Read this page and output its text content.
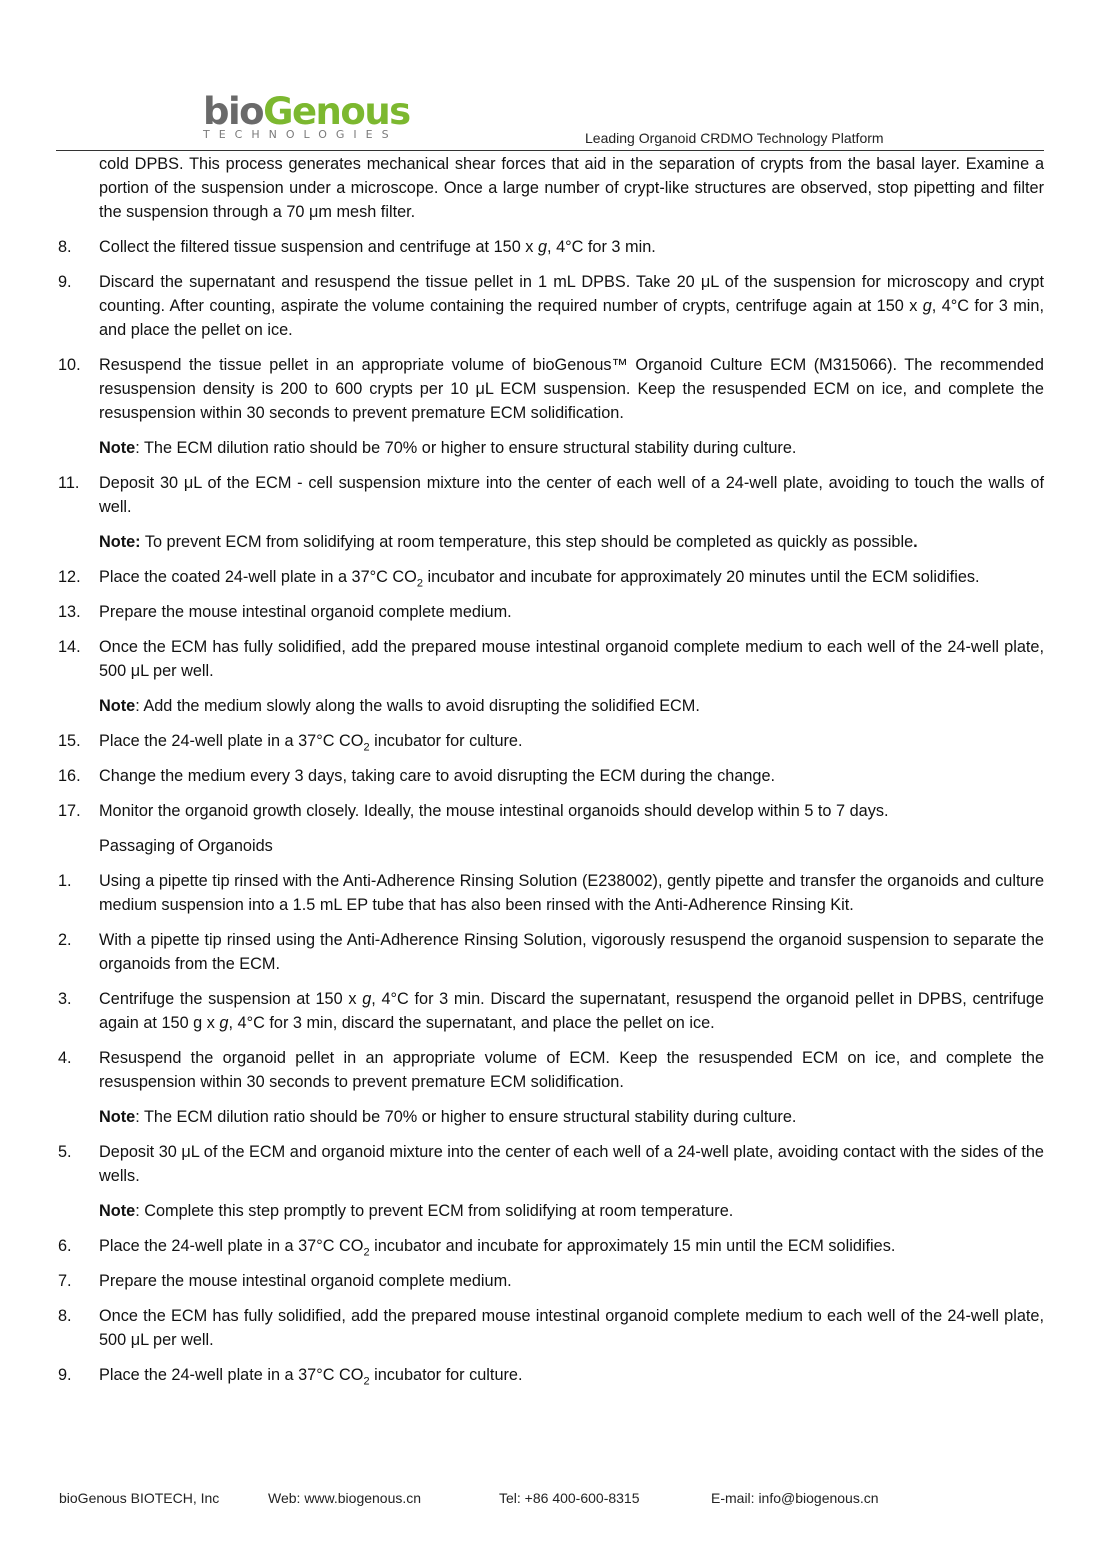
bioGenous
TECHNOLOGIES	Leading Organoid CRDMO Technology Platform

cold DPBS. This process generates mechanical shear forces that aid in the separation of crypts from the basal layer. Examine a portion of the suspension under a microscope. Once a large number of crypt-like structures are observed, stop pipetting and filter the suspension through a 70 μm mesh filter.

8. Collect the filtered tissue suspension and centrifuge at 150 x g, 4°C for 3 min.

9. Discard the supernatant and resuspend the tissue pellet in 1 mL DPBS. Take 20 μL of the suspension for microscopy and crypt counting. After counting, aspirate the volume containing the required number of crypts, centrifuge again at 150 x g, 4°C for 3 min, and place the pellet on ice.

10. Resuspend the tissue pellet in an appropriate volume of bioGenous™ Organoid Culture ECM (M315066). The recommended resuspension density is 200 to 600 crypts per 10 μL ECM suspension. Keep the resuspended ECM on ice, and complete the resuspension within 30 seconds to prevent premature ECM solidification.

Note: The ECM dilution ratio should be 70% or higher to ensure structural stability during culture.

11. Deposit 30 μL of the ECM - cell suspension mixture into the center of each well of a 24-well plate, avoiding to touch the walls of well.

Note: To prevent ECM from solidifying at room temperature, this step should be completed as quickly as possible.

12. Place the coated 24-well plate in a 37°C $CO_2$ incubator and incubate for approximately 20 minutes until the ECM solidifies.

13. Prepare the mouse intestinal organoid complete medium.

14. Once the ECM has fully solidified, add the prepared mouse intestinal organoid complete medium to each well of the 24-well plate, 500 μL per well.

Note: Add the medium slowly along the walls to avoid disrupting the solidified ECM.

15. Place the 24-well plate in a 37°C $CO_2$ incubator for culture.

16. Change the medium every 3 days, taking care to avoid disrupting the ECM during the change.

17. Monitor the organoid growth closely. Ideally, the mouse intestinal organoids should develop within 5 to 7 days.

Passaging of Organoids

1. Using a pipette tip rinsed with the Anti-Adherence Rinsing Solution (E238002), gently pipette and transfer the organoids and culture medium suspension into a 1.5 mL EP tube that has also been rinsed with the Anti-Adherence Rinsing Kit.

2. With a pipette tip rinsed using the Anti-Adherence Rinsing Solution, vigorously resuspend the organoid suspension to separate the organoids from the ECM.

3. Centrifuge the suspension at 150 x g, 4°C for 3 min. Discard the supernatant, resuspend the organoid pellet in DPBS, centrifuge again at 150 g x g, 4°C for 3 min, discard the supernatant, and place the pellet on ice.

4. Resuspend the organoid pellet in an appropriate volume of ECM. Keep the resuspended ECM on ice, and complete the resuspension within 30 seconds to prevent premature ECM solidification.

Note: The ECM dilution ratio should be 70% or higher to ensure structural stability during culture.

5. Deposit 30 μL of the ECM and organoid mixture into the center of each well of a 24-well plate, avoiding contact with the sides of the wells.

Note: Complete this step promptly to prevent ECM from solidifying at room temperature.

6. Place the 24-well plate in a 37°C $CO_2$ incubator and incubate for approximately 15 min until the ECM solidifies.

7. Prepare the mouse intestinal organoid complete medium.

8. Once the ECM has fully solidified, add the prepared mouse intestinal organoid complete medium to each well of the 24-well plate, 500 μL per well.

9. Place the 24-well plate in a 37°C $CO_2$ incubator for culture.

bioGenous BIOTECH, Inc	Web: www.biogenous.cn	Tel: +86 400-600-8315	E-mail: info@biogenous.cn
